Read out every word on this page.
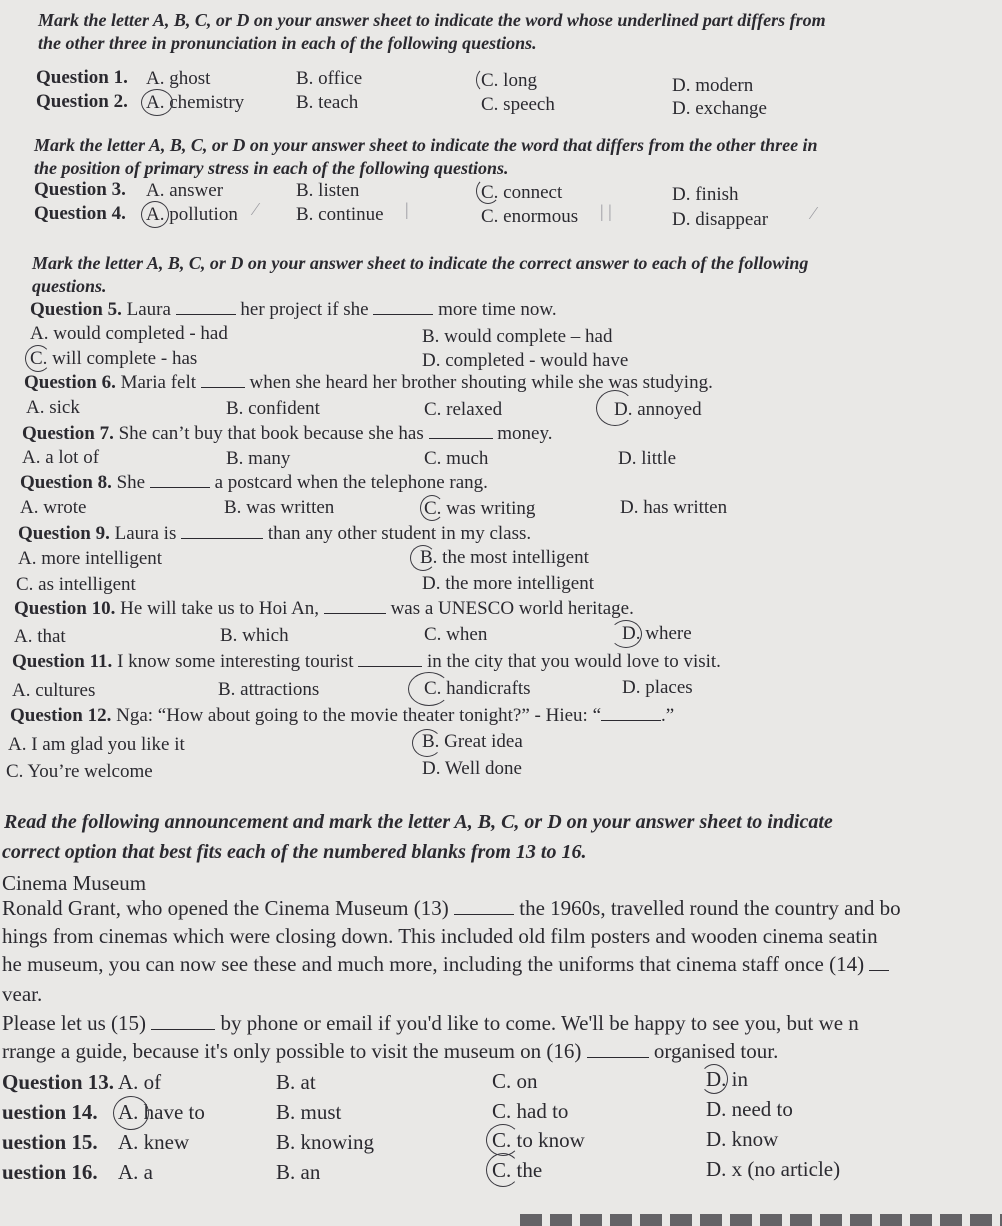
Mark the letter A, B, C, or D on your answer sheet to indicate the word whose underlined part differs from
the other three in pronunciation in each of the following questions.
Question 1. A. ghost	B. office	C. long	D. modern
Question 2. A. chemistry	B. teach	C. speech	D. exchange
Mark the letter A, B, C, or D on your answer sheet to indicate the word that differs from the other three in
the position of primary stress in each of the following questions.
Question 3. A. answer	B. listen	C. connect	D. finish
Question 4. A. pollution	B. continue	C. enormous	D. disappear
⁄	|	| |	⁄
Mark the letter A, B, C, or D on your answer sheet to indicate the correct answer to each of the following
questions.
Question 5. Laura	her project if she	more time now.
A. would completed - had	B. would complete – had
C. will complete - has	D. completed - would have
Question 6. Maria felt	when she heard her brother shouting while she was studying.
A. sick	B. confident	C. relaxed	D. annoyed
Question 7. She can’t buy that book because she has	money.
A. a lot of	B. many	C. much	D. little
Question 8. She	a postcard when the telephone rang.
A. wrote	B. was written	C. was writing	D. has written
Question 9. Laura is	than any other student in my class.
A. more intelligent	B. the most intelligent
C. as intelligent	D. the more intelligent
Question 10. He will take us to Hoi An,	was a UNESCO world heritage.
A. that	B. which	C. when	D. where
Question 11. I know some interesting tourist	in the city that you would love to visit.
A. cultures	B. attractions	C. handicrafts	D. places
Question 12. Nga: “How about going to the movie theater tonight?” - Hieu: “	.”
A. I am glad you like it	B. Great idea
C. You’re welcome	D. Well done
Read the following announcement and mark the letter A, B, C, or D on your answer sheet to indicate
correct option that best fits each of the numbered blanks from 13 to 16.
Cinema Museum
Ronald Grant, who opened the Cinema Museum (13)	the 1960s, travelled round the country and bo
hings from cinemas which were closing down. This included old film posters and wooden cinema seatin
he museum, you can now see these and much more, including the uniforms that cinema staff once (14)
vear.
Please let us (15)	by phone or email if you'd like to come. We'll be happy to see you, but we n
rrange a guide, because it's only possible to visit the museum on (16)	organised tour.
Question 13. A. of	B. at	C. on	D. in
uestion 14. A. have to	B. must	C. had to	D. need to
uestion 15. A. knew	B. knowing	C. to know	D. know
uestion 16. A. a	B. an	C. the	D. x (no article)
